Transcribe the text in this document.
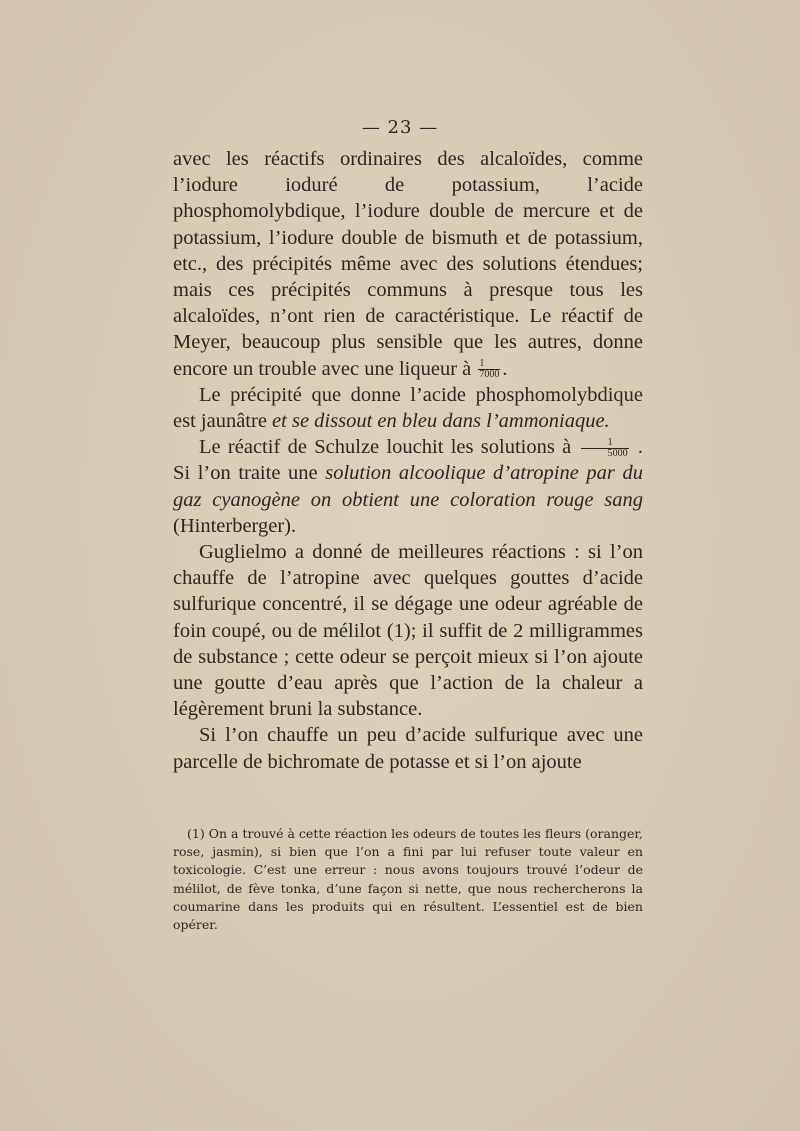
— 23 —

avec les réactifs ordinaires des alcaloïdes, comme l’iodure ioduré de potassium, l’acide phosphomolybdique, l’iodure double de mercure et de potassium, l’iodure double de bismuth et de potassium, etc., des précipités même avec des solutions étendues; mais ces précipités communs à presque tous les alcaloïdes, n’ont rien de caractéristique. Le réactif de Meyer, beaucoup plus sensible que les autres, donne encore un trouble avec une liqueur à $\frac{1}{7000}$ .

Le précipité que donne l’acide phosphomolybdique est jaunâtre et se dissout en bleu dans l’ammoniaque.

Le réactif de Schulze louchit les solutions à $\frac{1}{5000}$ . Si l’on traite une solution alcoolique d’atropine par du gaz cyanogène on obtient une coloration rouge sang (Hinterberger).

Guglielmo a donné de meilleures réactions : si l’on chauffe de l’atropine avec quelques gouttes d’acide sulfurique concentré, il se dégage une odeur agréable de foin coupé, ou de mélilot (1); il suffit de 2 milligrammes de substance ; cette odeur se perçoit mieux si l’on ajoute une goutte d’eau après que l’action de la chaleur a légèrement bruni la substance.

Si l’on chauffe un peu d’acide sulfurique avec une parcelle de bichromate de potasse et si l’on ajoute

(1) On a trouvé à cette réaction les odeurs de toutes les fleurs (oranger, rose, jasmin), si bien que l’on a fini par lui refuser toute valeur en toxicologie. C’est une erreur : nous avons toujours trouvé l’odeur de mélilot, de fève tonka, d’une façon si nette, que nous rechercherons la coumarine dans les produits qui en résultent. L’essentiel est de bien opérer.
